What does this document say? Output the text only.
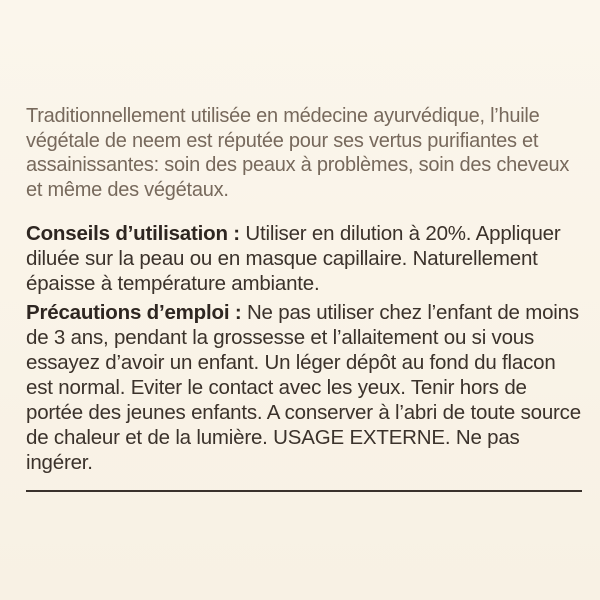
Traditionnellement utilisée en médecine ayurvédique, l’huile végétale de neem est réputée pour ses vertus purifiantes et assainissantes: soin des peaux à problèmes, soin des cheveux et même des végétaux.

Conseils d’utilisation : Utiliser en dilution à 20%. Appliquer diluée sur la peau ou en masque capillaire. Naturellement épaisse à température ambiante.

Précautions d’emploi : Ne pas utiliser chez l’enfant de moins de 3 ans, pendant la grossesse et l’allaitement ou si vous essayez d’avoir un enfant. Un léger dépôt au fond du flacon est normal. Eviter le contact avec les yeux. Tenir hors de portée des jeunes enfants. A conserver à l’abri de toute source de chaleur et de la lumière. USAGE EXTERNE. Ne pas ingérer.
